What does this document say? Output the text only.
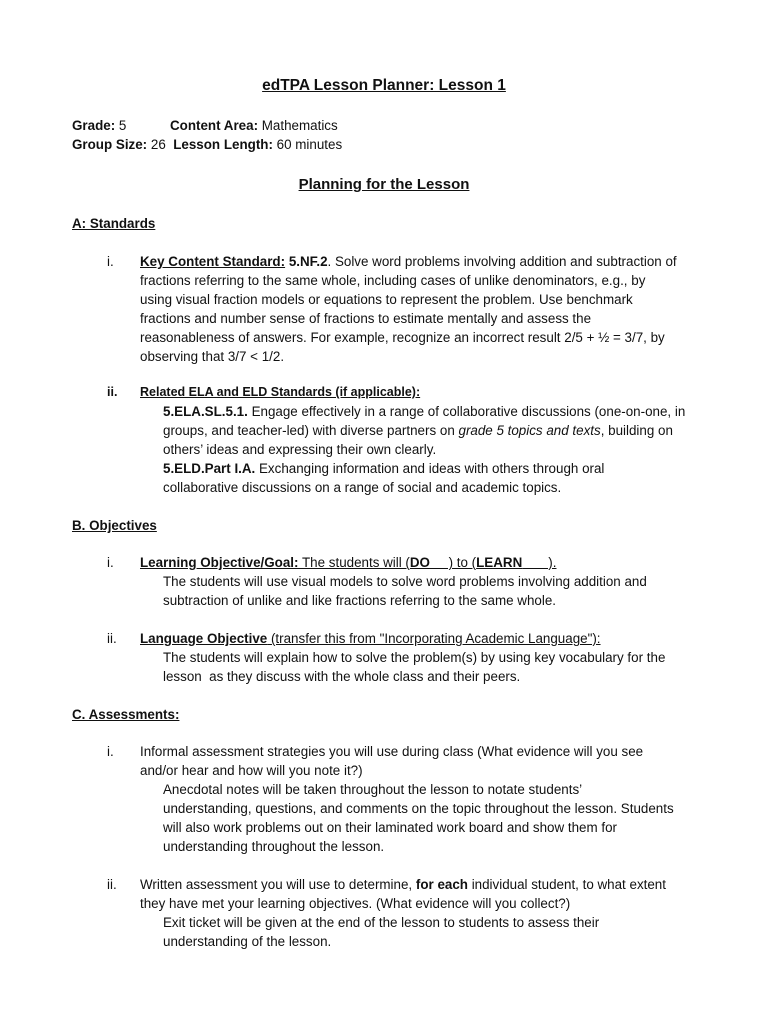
edTPA Lesson Planner: Lesson 1
Grade: 5	Content Area: Mathematics
Group Size: 26 Lesson Length: 60 minutes
Planning for the Lesson
A: Standards
i. Key Content Standard: 5.NF.2. Solve word problems involving addition and subtraction of
fractions referring to the same whole, including cases of unlike denominators, e.g., by
using visual fraction models or equations to represent the problem. Use benchmark
fractions and number sense of fractions to estimate mentally and assess the
reasonableness of answers. For example, recognize an incorrect result 2/5 + ½ = 3/7, by
observing that 3/7 < 1/2.
ii. Related ELA and ELD Standards (if applicable):
5.ELA.SL.5.1. Engage effectively in a range of collaborative discussions (one-on-one, in
groups, and teacher-led) with diverse partners on grade 5 topics and texts, building on
others’ ideas and expressing their own clearly.
5.ELD.Part I.A. Exchanging information and ideas with others through oral
collaborative discussions on a range of social and academic topics.
B. Objectives
i. Learning Objective/Goal: The students will (DO     ) to (LEARN       ).
The students will use visual models to solve word problems involving addition and
subtraction of unlike and like fractions referring to the same whole.
ii. Language Objective (transfer this from "Incorporating Academic Language"):
The students will explain how to solve the problem(s) by using key vocabulary for the
lesson  as they discuss with the whole class and their peers.
C. Assessments:
i. Informal assessment strategies you will use during class (What evidence will you see
and/or hear and how will you note it?)
Anecdotal notes will be taken throughout the lesson to notate students’
understanding, questions, and comments on the topic throughout the lesson. Students
will also work problems out on their laminated work board and show them for
understanding throughout the lesson.
ii. Written assessment you will use to determine, for each individual student, to what extent
they have met your learning objectives. (What evidence will you collect?)
Exit ticket will be given at the end of the lesson to students to assess their
understanding of the lesson.
